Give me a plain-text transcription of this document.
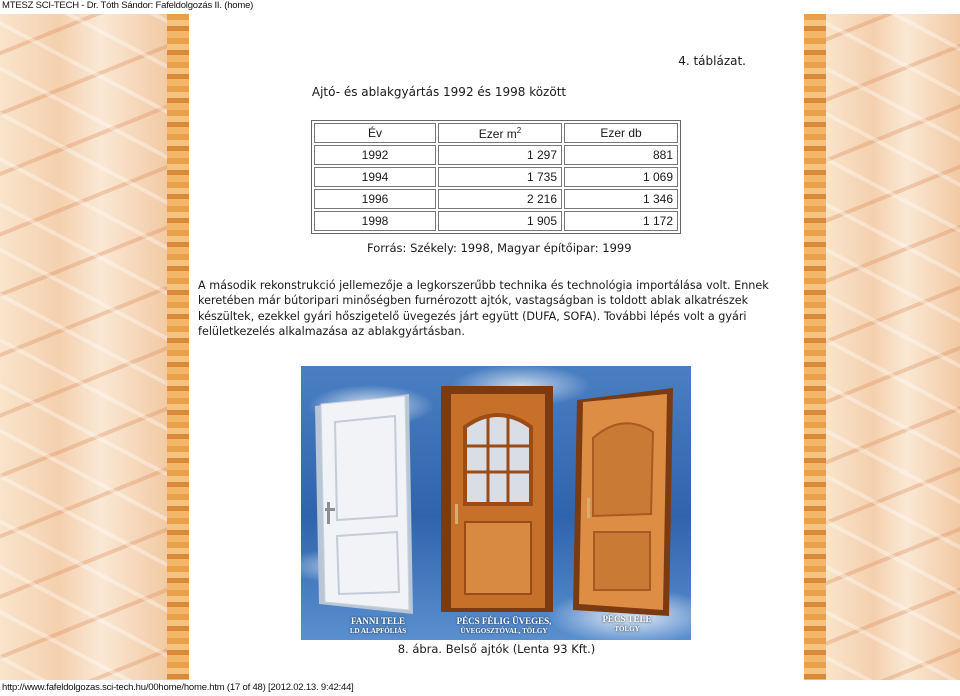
MTESZ SCI-TECH - Dr. Tóth Sándor: Fafeldolgozás II. (home)
4. táblázat.
Ajtó- és ablakgyártás 1992 és 1998 között
Év	Ezer $m^2$	Ezer db
1992	1 297	881
1994	1 735	1 069
1996	2 216	1 346
1998	1 905	1 172
Forrás: Székely: 1998, Magyar építőipar: 1999
A második rekonstrukció jellemezője a legkorszerűbb technika és technológia importálása volt. Ennek keretében már bútoripari minőségben furnérozott ajtók, vastagságban is toldott ablak alkatrészek készültek, ezekkel gyári hőszigetelő üvegezés járt együtt (DUFA, SOFA). További lépés volt a gyári felületkezelés alkalmazása az ablakgyártásban.
FANNI TELE
LD ALAPFÓLIÁS
PÉCS FÉLIG ÜVEGES,
ÜVEGOSZTÓVAL, TÖLGY
PÉCS TELE
TÖLGY
8. ábra. Belső ajtók (Lenta 93 Kft.)
http://www.fafeldolgozas.sci-tech.hu/00home/home.htm (17 of 48) [2012.02.13. 9:42:44]
